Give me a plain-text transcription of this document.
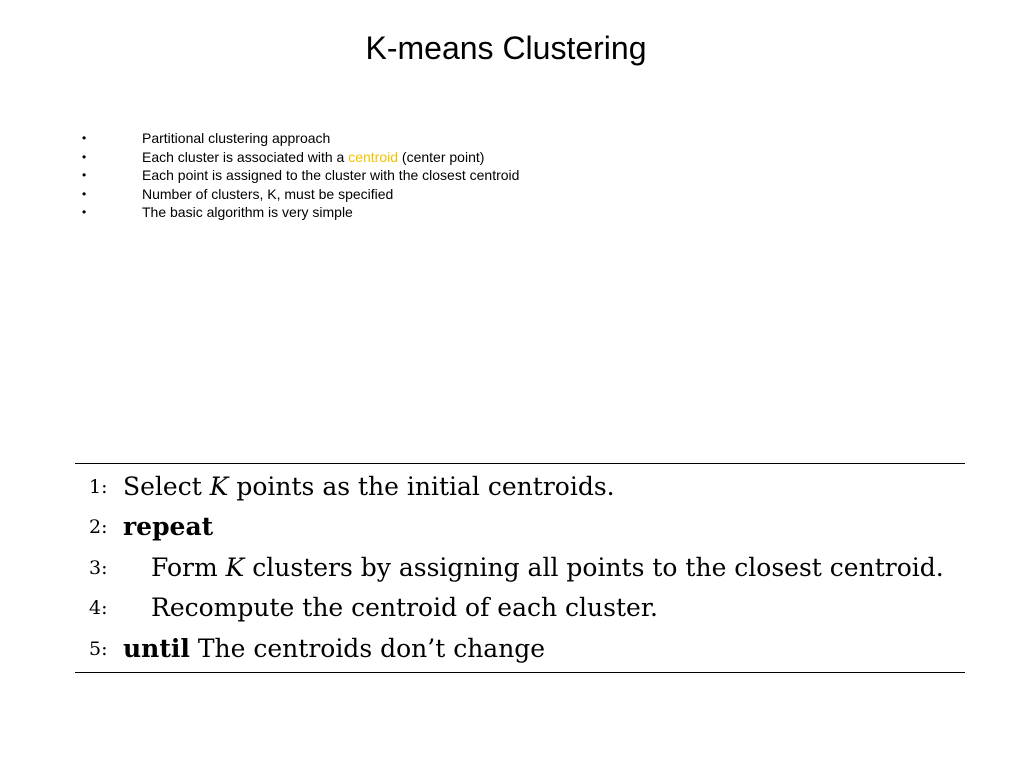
K-means Clustering
•	Partitional clustering approach
•	Each cluster is associated with a centroid (center point)
•	Each point is assigned to the cluster with the closest centroid
•	Number of clusters, K, must be specified
•	The basic algorithm is very simple
1: Select K points as the initial centroids.
2: repeat
3:	Form K clusters by assigning all points to the closest centroid.
4:	Recompute the centroid of each cluster.
5: until The centroids don’t change
